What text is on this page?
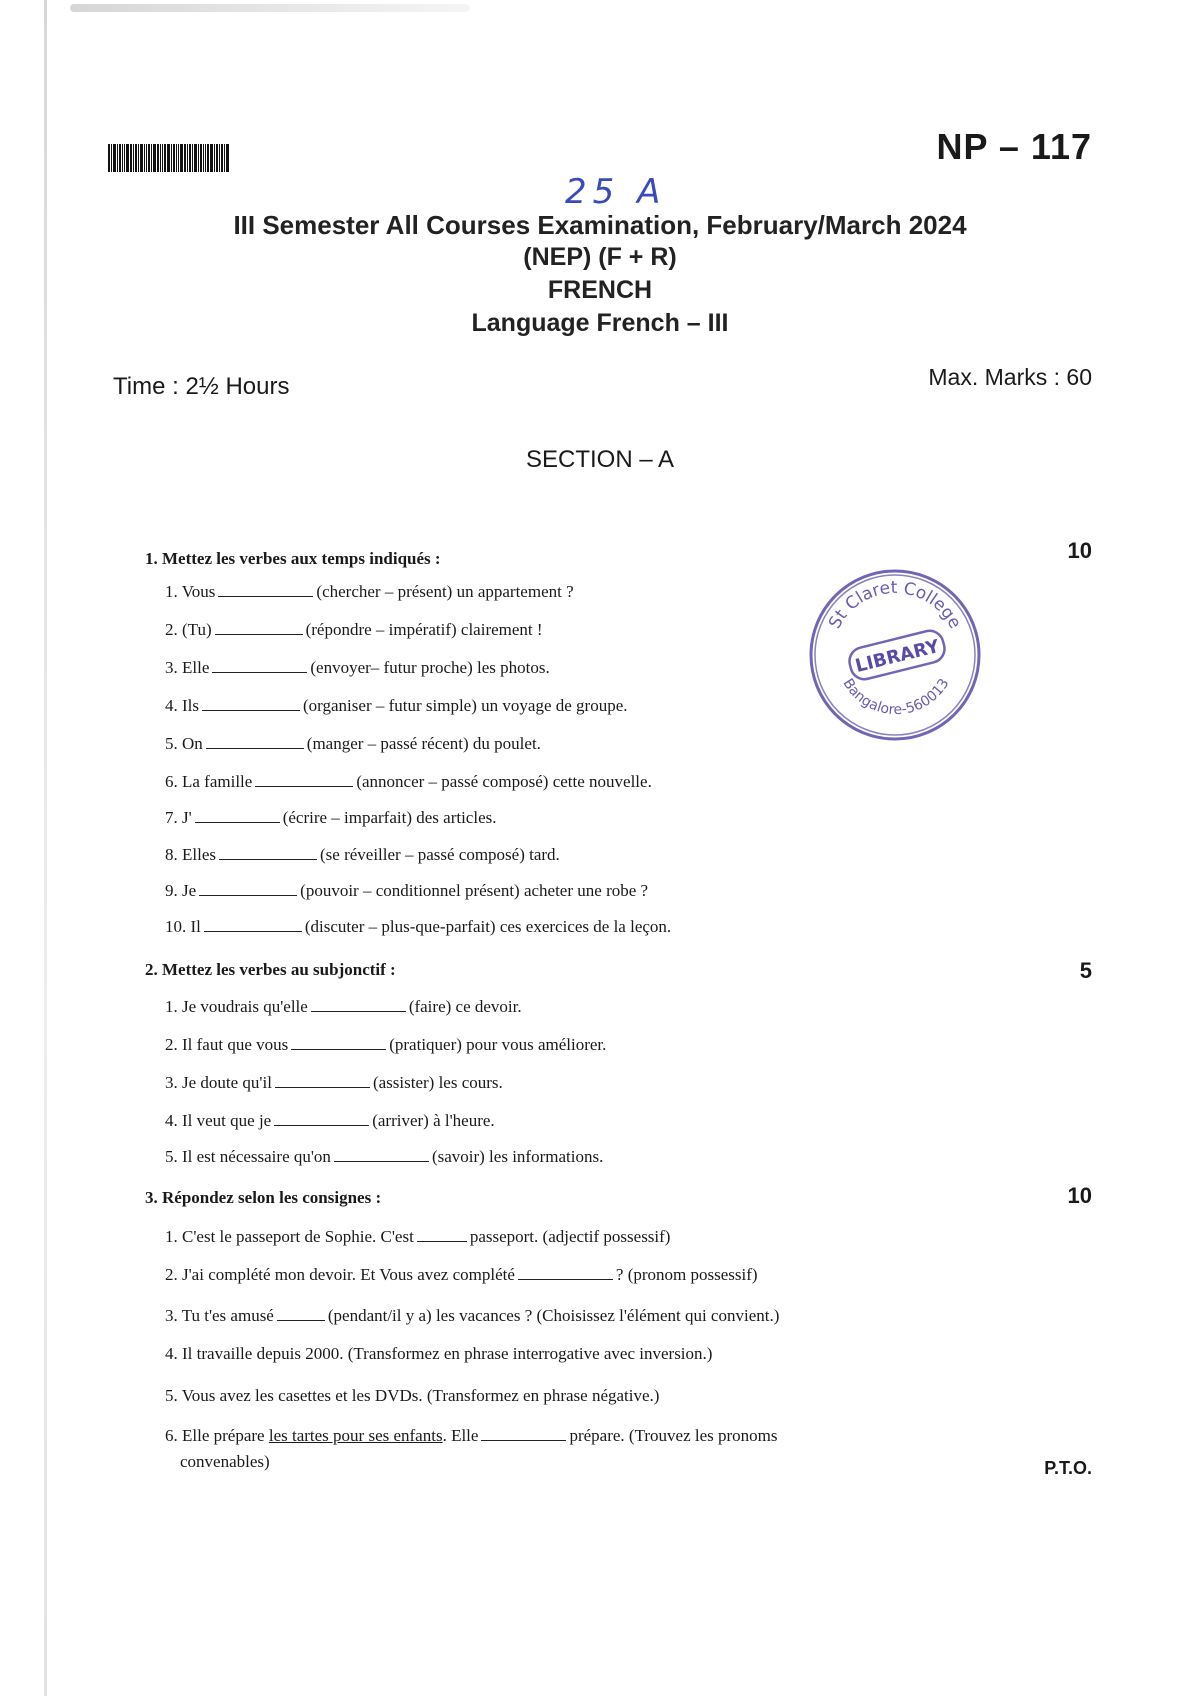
NP – 117
25 A
III Semester All Courses Examination, February/March 2024
(NEP) (F + R)
FRENCH
Language French – III
Time : 2½ Hours	Max. Marks : 60
SECTION – A
St Claret College
LIBRARY
Bangalore-560013
1. Mettez les verbes aux temps indiqués :	10
1. Vous	(chercher – présent) un appartement ?
2. (Tu)	(répondre – impératif) clairement !
3. Elle	(envoyer– futur proche) les photos.
4. Ils	(organiser – futur simple) un voyage de groupe.
5. On	(manger – passé récent) du poulet.
6. La famille	(annoncer – passé composé) cette nouvelle.
7. J'	(écrire – imparfait) des articles.
8. Elles	(se réveiller – passé composé) tard.
9. Je	(pouvoir – conditionnel présent) acheter une robe ?
10. Il	(discuter – plus-que-parfait) ces exercices de la leçon.
2. Mettez les verbes au subjonctif :	5
1. Je voudrais qu'elle	(faire) ce devoir.
2. Il faut que vous	(pratiquer) pour vous améliorer.
3. Je doute qu'il	(assister) les cours.
4. Il veut que je	(arriver) à l'heure.
5. Il est nécessaire qu'on	(savoir) les informations.
3. Répondez selon les consignes :	10
1. C'est le passeport de Sophie. C'est	passeport. (adjectif possessif)
2. J'ai complété mon devoir. Et Vous avez complété	? (pronom possessif)
3. Tu t'es amusé	(pendant/il y a) les vacances ? (Choisissez l'élément qui convient.)
4. Il travaille depuis 2000. (Transformez en phrase interrogative avec inversion.)
5. Vous avez les casettes et les DVDs. (Transformez en phrase négative.)
6. Elle prépare les tartes pour ses enfants. Elle	prépare. (Trouvez les pronoms
convenables)	P.T.O.
